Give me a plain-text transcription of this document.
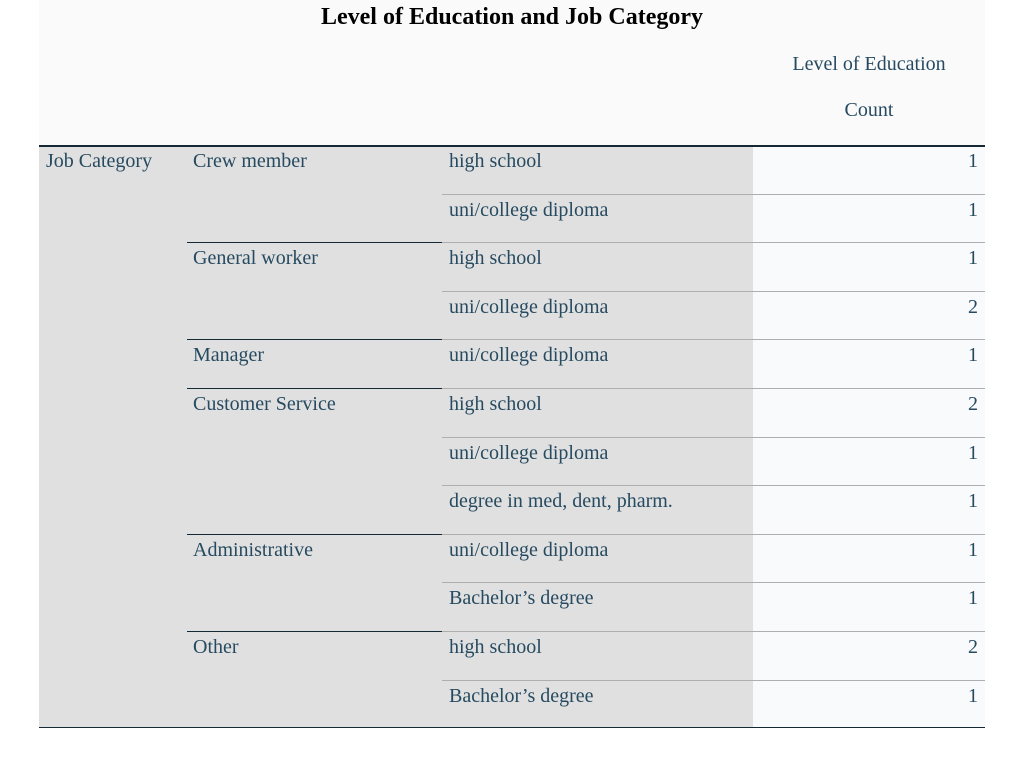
Level of Education and Job Category
Level of Education
Count
Job Category Crew member	high school	1
uni/college diploma	1
General worker	high school	1
uni/college diploma	2
Manager	uni/college diploma	1
Customer Service	high school	2
uni/college diploma	1
degree in med, dent, pharm.	1
Administrative	uni/college diploma	1
Bachelor’s degree	1
Other	high school	2
Bachelor’s degree	1
